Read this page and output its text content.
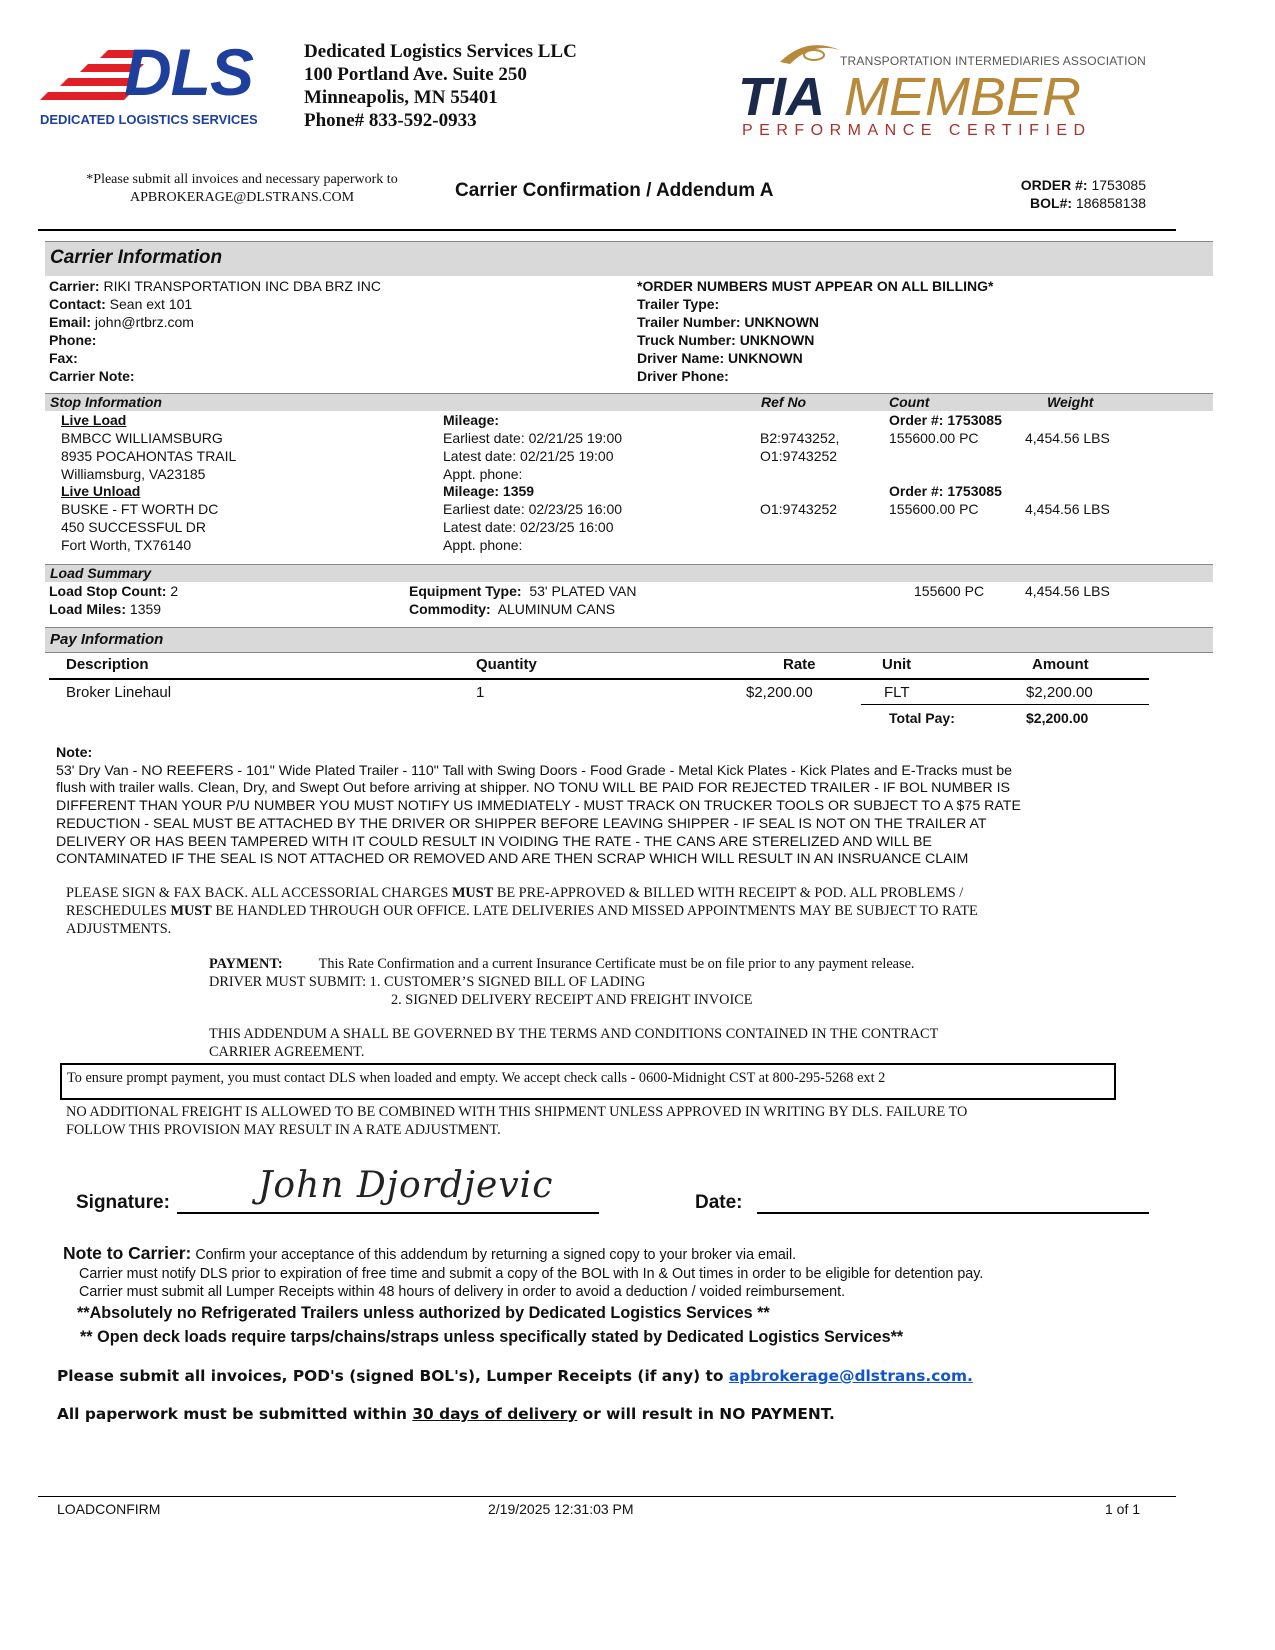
DLS
DEDICATED LOGISTICS SERVICES
Dedicated Logistics Services LLC
100 Portland Ave. Suite 250
Minneapolis, MN 55401
Phone# 833-592-0933
TRANSPORTATION INTERMEDIARIES ASSOCIATION
TIA MEMBER
PERFORMANCE CERTIFIED
*Please submit all invoices and necessary paperwork to
APBROKERAGE@DLSTRANS.COM	Carrier Confirmation / Addendum A	ORDER #: 1753085
BOL#: 186858138
Carrier Information
Carrier: RIKI TRANSPORTATION INC DBA BRZ INC
Contact: Sean ext 101
Email: john@rtbrz.com
Phone:
Fax:
Carrier Note:
*ORDER NUMBERS MUST APPEAR ON ALL BILLING*
Trailer Type:
Trailer Number: UNKNOWN
Truck Number: UNKNOWN
Driver Name: UNKNOWN
Driver Phone:
Stop Information	Ref No	Count	Weight
Live Load
BMBCC WILLIAMSBURG
8935 POCAHONTAS TRAIL
Williamsburg, VA23185
Mileage:
Earliest date: 02/21/25 19:00
Latest date: 02/21/25 19:00
Appt. phone:
B2:9743252,
O1:9743252
Order #: 1753085
155600.00 PC	4,454.56 LBS
Live Unload
BUSKE - FT WORTH DC
450 SUCCESSFUL DR
Fort Worth, TX76140
Mileage: 1359
Earliest date: 02/23/25 16:00
Latest date: 02/23/25 16:00
Appt. phone:
O1:9743252
Order #: 1753085
155600.00 PC	4,454.56 LBS
Load Summary
Load Stop Count: 2
Load Miles: 1359
Equipment Type: 53' PLATED VAN
Commodity: ALUMINUM CANS
155600 PC	4,454.56 LBS
Pay Information
Description	Quantity	Rate	Unit	Amount
Broker Linehaul	1	$2,200.00	FLT	$2,200.00
Total Pay:	$2,200.00
Note:
53' Dry Van - NO REEFERS - 101" Wide Plated Trailer - 110" Tall with Swing Doors - Food Grade - Metal Kick Plates - Kick Plates and E-Tracks must be
flush with trailer walls. Clean, Dry, and Swept Out before arriving at shipper. NO TONU WILL BE PAID FOR REJECTED TRAILER - IF BOL NUMBER IS
DIFFERENT THAN YOUR P/U NUMBER YOU MUST NOTIFY US IMMEDIATELY - MUST TRACK ON TRUCKER TOOLS OR SUBJECT TO A $75 RATE
REDUCTION - SEAL MUST BE ATTACHED BY THE DRIVER OR SHIPPER BEFORE LEAVING SHIPPER - IF SEAL IS NOT ON THE TRAILER AT
DELIVERY OR HAS BEEN TAMPERED WITH IT COULD RESULT IN VOIDING THE RATE - THE CANS ARE STERELIZED AND WILL BE
CONTAMINATED IF THE SEAL IS NOT ATTACHED OR REMOVED AND ARE THEN SCRAP WHICH WILL RESULT IN AN INSRUANCE CLAIM
PLEASE SIGN & FAX BACK. ALL ACCESSORIAL CHARGES MUST BE PRE-APPROVED & BILLED WITH RECEIPT & POD. ALL PROBLEMS /
RESCHEDULES MUST BE HANDLED THROUGH OUR OFFICE. LATE DELIVERIES AND MISSED APPOINTMENTS MAY BE SUBJECT TO RATE
ADJUSTMENTS.
PAYMENT:	This Rate Confirmation and a current Insurance Certificate must be on file prior to any payment release.
DRIVER MUST SUBMIT: 1. CUSTOMER’S SIGNED BILL OF LADING
2. SIGNED DELIVERY RECEIPT AND FREIGHT INVOICE
THIS ADDENDUM A SHALL BE GOVERNED BY THE TERMS AND CONDITIONS CONTAINED IN THE CONTRACT
CARRIER AGREEMENT.
To ensure prompt payment, you must contact DLS when loaded and empty. We accept check calls - 0600-Midnight CST at 800-295-5268 ext 2
NO ADDITIONAL FREIGHT IS ALLOWED TO BE COMBINED WITH THIS SHIPMENT UNLESS APPROVED IN WRITING BY DLS. FAILURE TO
FOLLOW THIS PROVISION MAY RESULT IN A RATE ADJUSTMENT.
Signature: John Djordjevic	Date:
Note to Carrier: Confirm your acceptance of this addendum by returning a signed copy to your broker via email.
Carrier must notify DLS prior to expiration of free time and submit a copy of the BOL with In & Out times in order to be eligible for detention pay.
Carrier must submit all Lumper Receipts within 48 hours of delivery in order to avoid a deduction / voided reimbursement.
**Absolutely no Refrigerated Trailers unless authorized by Dedicated Logistics Services **
** Open deck loads require tarps/chains/straps unless specifically stated by Dedicated Logistics Services**
Please submit all invoices, POD's (signed BOL's), Lumper Receipts (if any) to apbrokerage@dlstrans.com.
All paperwork must be submitted within 30 days of delivery or will result in NO PAYMENT.
LOADCONFIRM	2/19/2025 12:31:03 PM	1 of 1
